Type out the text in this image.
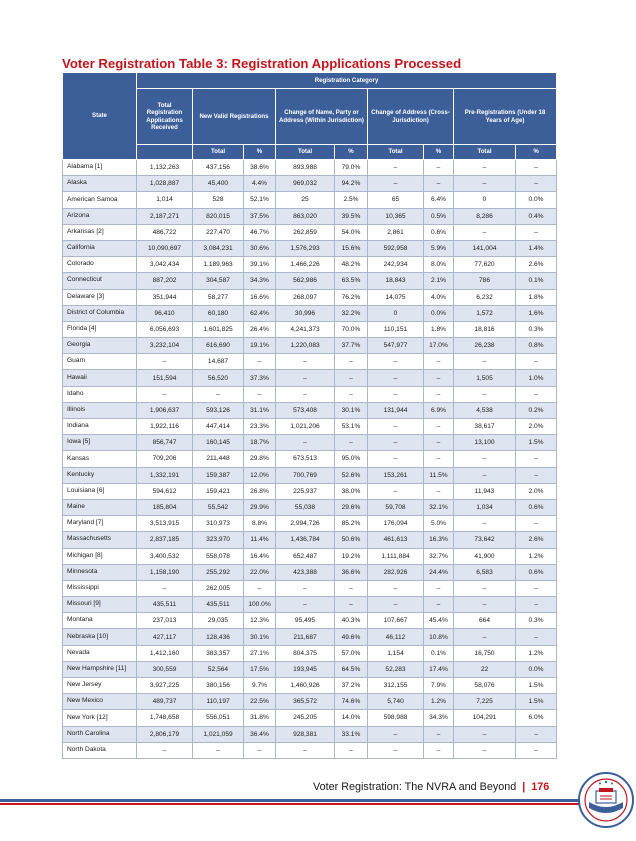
Voter Registration Table 3: Registration Applications Processed
State	Registration Category								
	Total Registration Applications Received	New Valid Registrations		Change of Name, Party or Address (Within Jurisdiction)		Change of Address (Cross-Jurisdiction)		Pre-Registrations (Under 18 Years of Age)	
		Total	%	Total	%	Total	%	Total	%
Alabama [1]	1,132,263	437,156	38.6%	893,988	79.0%	–	–	–	–
Alaska	1,028,887	45,400	4.4%	969,032	94.2%	–	–	–	–
American Samoa	1,014	528	52.1%	25	2.5%	65	6.4%	0	0.0%
Arizona	2,187,271	820,015	37.5%	863,020	39.5%	10,365	0.5%	8,286	0.4%
Arkansas [2]	486,722	227,470	46.7%	262,859	54.0%	2,861	0.6%	–	–
California	10,090,697	3,084,231	30.6%	1,576,293	15.6%	592,958	5.9%	141,004	1.4%
Colorado	3,042,434	1,189,963	39.1%	1,466,226	48.2%	242,934	8.0%	77,620	2.6%
Connecticut	887,202	304,587	34.3%	562,986	63.5%	18,843	2.1%	786	0.1%
Delaware [3]	351,944	58,277	16.6%	268,097	76.2%	14,075	4.0%	6,232	1.8%
District of Columbia	96,410	60,180	62.4%	30,996	32.2%	0	0.0%	1,572	1.6%
Florida [4]	6,056,693	1,601,825	26.4%	4,241,373	70.0%	110,151	1.8%	18,816	0.3%
Georgia	3,232,104	616,690	19.1%	1,220,083	37.7%	547,977	17.0%	26,238	0.8%
Guam	–	14,687	–	–	–	–	–	–	–
Hawaii	151,594	56,520	37.3%	–	–	–	–	1,505	1.0%
Idaho	–	–	–	–	–	–	–	–	–
Illinois	1,906,637	593,126	31.1%	573,408	30.1%	131,944	6.9%	4,538	0.2%
Indiana	1,922,116	447,414	23.3%	1,021,206	53.1%	–	–	38,617	2.0%
Iowa [5]	856,747	160,145	18.7%	–	–	–	–	13,100	1.5%
Kansas	709,206	211,448	29.8%	673,513	95.0%	–	–	–	–
Kentucky	1,332,191	159,387	12.0%	700,769	52.6%	153,261	11.5%	–	–
Louisiana [6]	594,612	159,421	26.8%	225,937	38.0%	–	–	11,943	2.0%
Maine	185,804	55,542	29.9%	55,038	29.6%	59,708	32.1%	1,034	0.6%
Maryland [7]	3,513,915	310,973	8.8%	2,994,726	85.2%	176,094	5.0%	–	–
Massachusetts	2,837,185	323,970	11.4%	1,436,784	50.6%	461,613	16.3%	73,642	2.6%
Michigan [8]	3,400,532	558,078	16.4%	652,487	19.2%	1,111,884	32.7%	41,900	1.2%
Minnesota	1,158,190	255,292	22.0%	423,388	36.6%	282,926	24.4%	6,583	0.6%
Mississippi	–	262,005	–	–	–	–	–	–	–
Missouri [9]	435,511	435,511	100.0%	–	–	–	–	–	–
Montana	237,013	29,035	12.3%	95,495	40.3%	107,667	45.4%	664	0.3%
Nebraska [10]	427,117	128,436	30.1%	211,687	49.6%	46,112	10.8%	–	–
Nevada	1,412,160	383,357	27.1%	804,375	57.0%	1,154	0.1%	16,750	1.2%
New Hampshire [11]	300,559	52,564	17.5%	193,945	64.5%	52,283	17.4%	22	0.0%
New Jersey	3,927,225	380,156	9.7%	1,460,926	37.2%	312,155	7.9%	58,076	1.5%
New Mexico	489,737	110,197	22.5%	365,572	74.6%	5,740	1.2%	7,225	1.5%
New York [12]	1,748,658	556,051	31.8%	245,205	14.0%	598,988	34.3%	104,291	6.0%
North Carolina	2,806,179	1,021,059	36.4%	928,381	33.1%	–	–	–	–
North Dakota	–	–	–	–	–	–	–	–	–
Voter Registration: The NVRA and Beyond | 176
